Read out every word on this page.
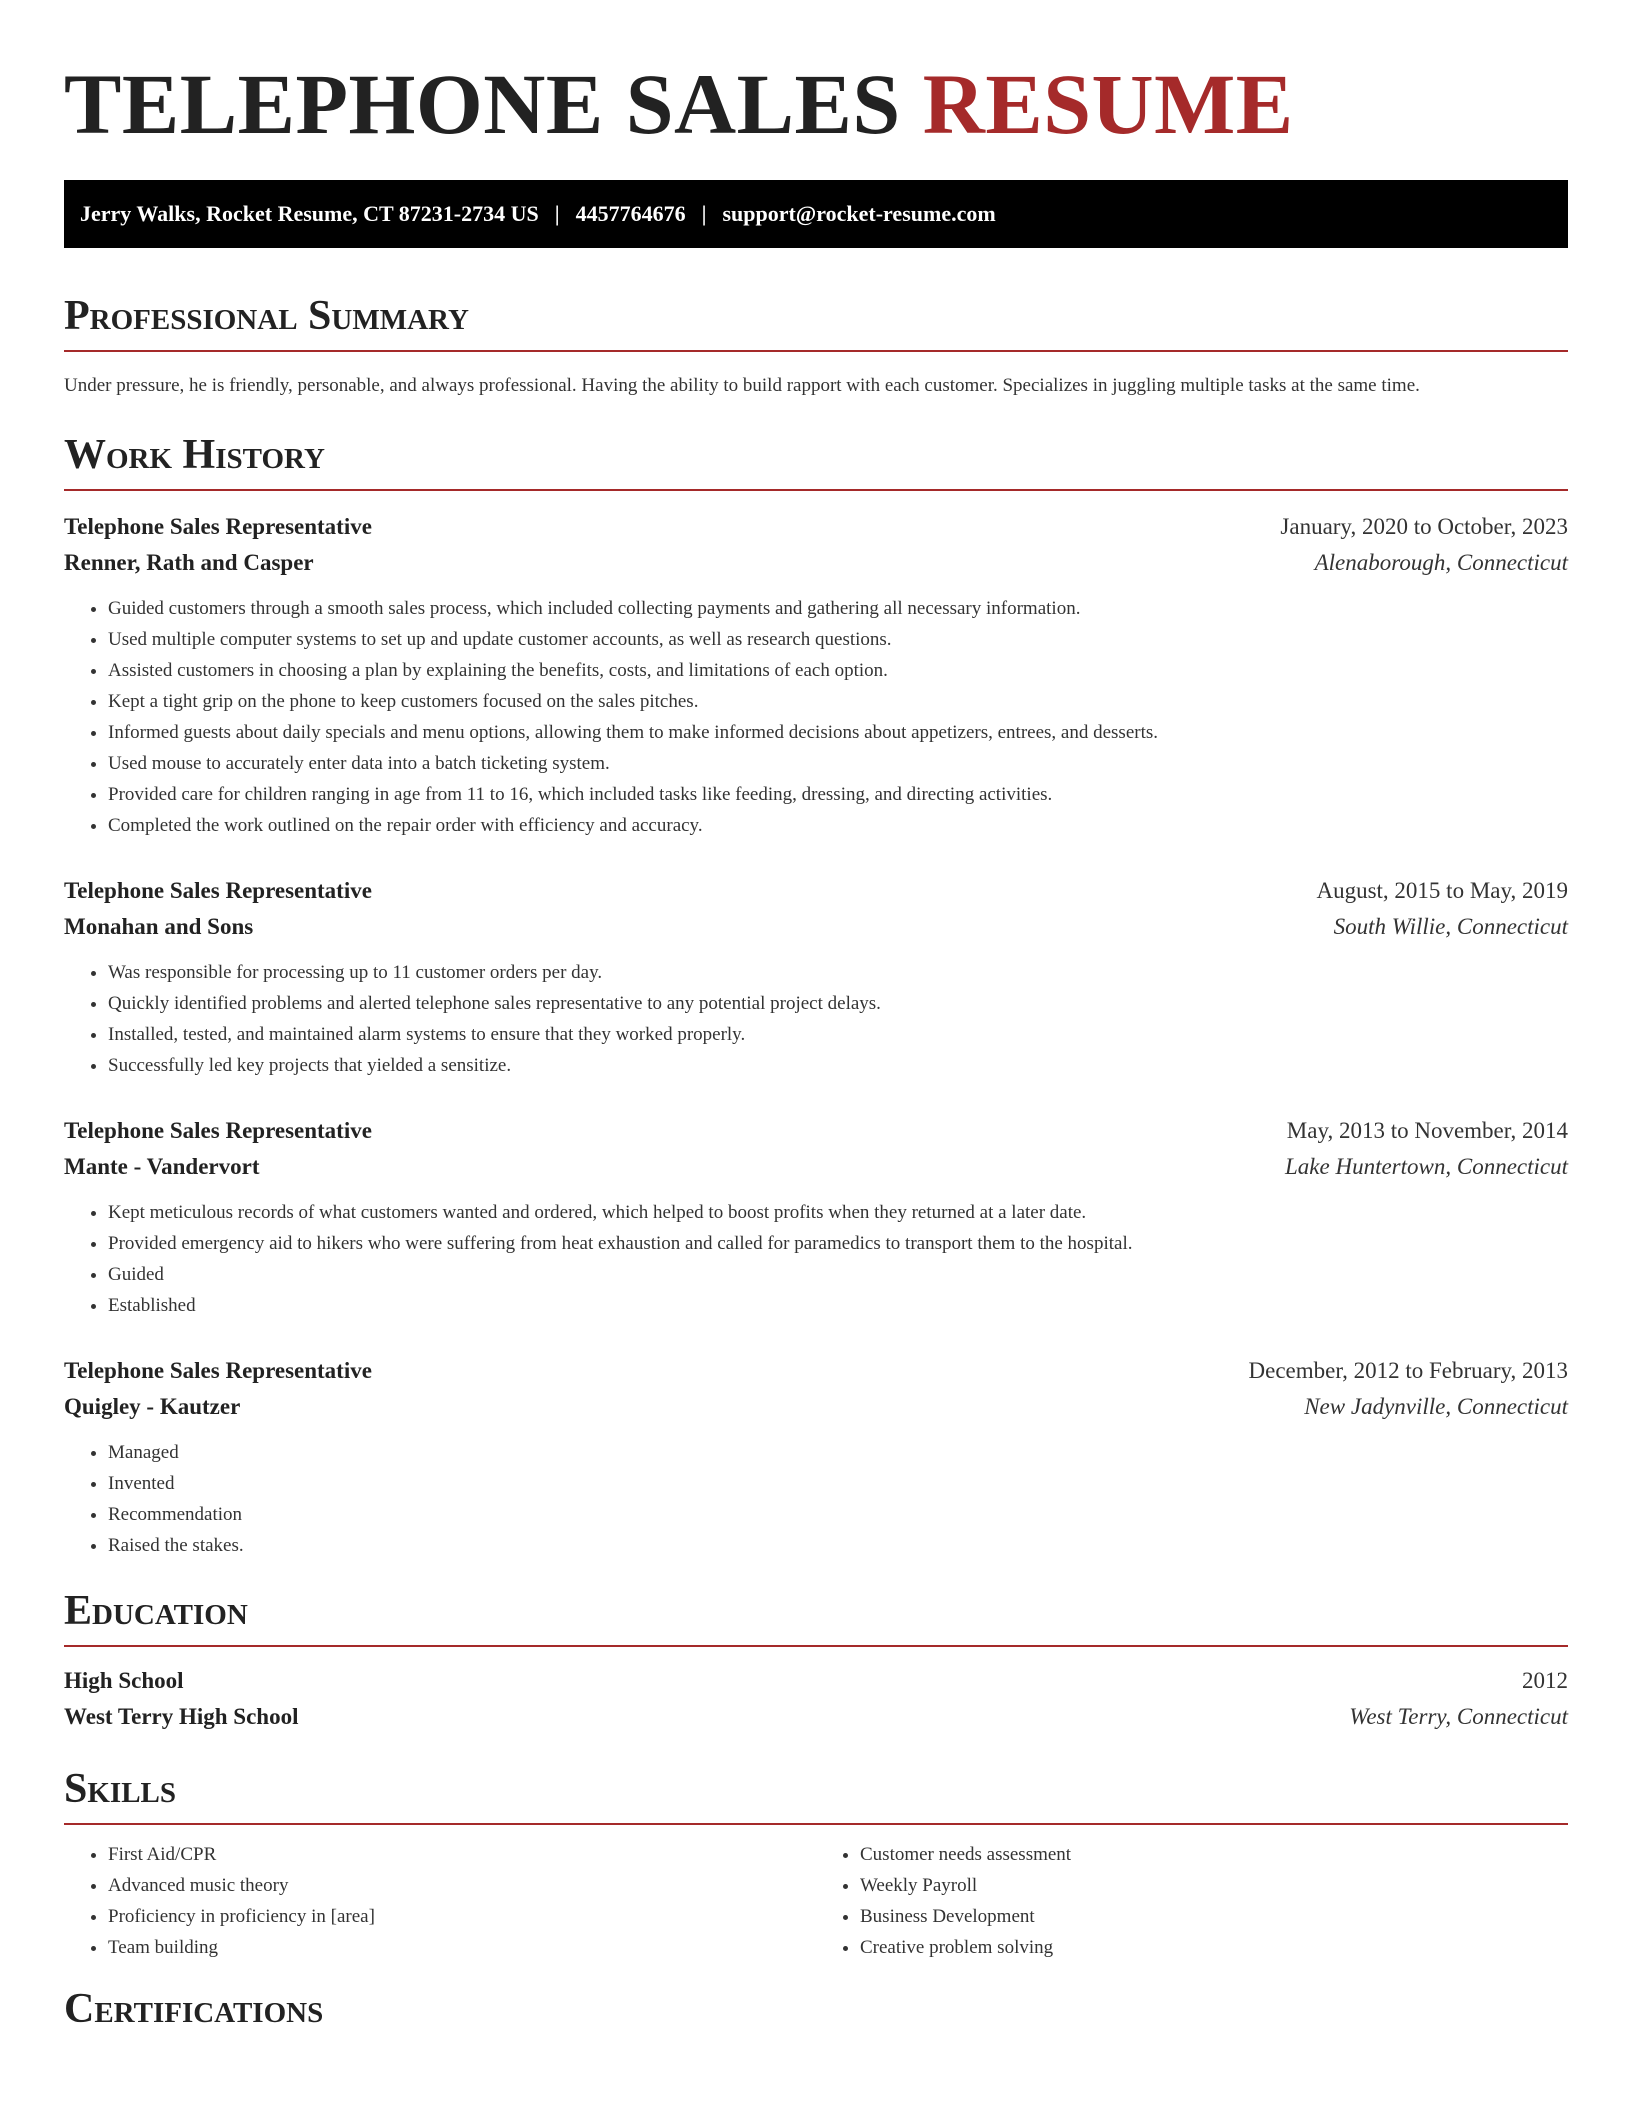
TELEPHONE SALES RESUME
Jerry Walks, Rocket Resume, CT 87231-2734 US | 4457764676 | support@rocket-resume.com
Professional Summary

Under pressure, he is friendly, personable, and always professional. Having the ability to build rapport with each customer. Specializes in juggling multiple tasks at the same time.

Work History
Telephone Sales Representative	January, 2020 to October, 2023
Renner, Rath and Casper	Alenaborough, Connecticut
• Guided customers through a smooth sales process, which included collecting payments and gathering all necessary information.
• Used multiple computer systems to set up and update customer accounts, as well as research questions.
• Assisted customers in choosing a plan by explaining the benefits, costs, and limitations of each option.
• Kept a tight grip on the phone to keep customers focused on the sales pitches.
• Informed guests about daily specials and menu options, allowing them to make informed decisions about appetizers, entrees, and desserts.
• Used mouse to accurately enter data into a batch ticketing system.
• Provided care for children ranging in age from 11 to 16, which included tasks like feeding, dressing, and directing activities.
• Completed the work outlined on the repair order with efficiency and accuracy.
Telephone Sales Representative	August, 2015 to May, 2019
Monahan and Sons	South Willie, Connecticut
• Was responsible for processing up to 11 customer orders per day.
• Quickly identified problems and alerted telephone sales representative to any potential project delays.
• Installed, tested, and maintained alarm systems to ensure that they worked properly.
• Successfully led key projects that yielded a sensitize.
Telephone Sales Representative	May, 2013 to November, 2014
Mante - Vandervort	Lake Huntertown, Connecticut
• Kept meticulous records of what customers wanted and ordered, which helped to boost profits when they returned at a later date.
• Provided emergency aid to hikers who were suffering from heat exhaustion and called for paramedics to transport them to the hospital.
• Guided
• Established
Telephone Sales Representative	December, 2012 to February, 2013
Quigley - Kautzer	New Jadynville, Connecticut
• Managed
• Invented
• Recommendation
• Raised the stakes.
Education
High School	2012
West Terry High School	West Terry, Connecticut
Skills
• First Aid/CPR
• Advanced music theory
• Proficiency in proficiency in [area]
• Team building
• Customer needs assessment
• Weekly Payroll
• Business Development
• Creative problem solving
Certifications
